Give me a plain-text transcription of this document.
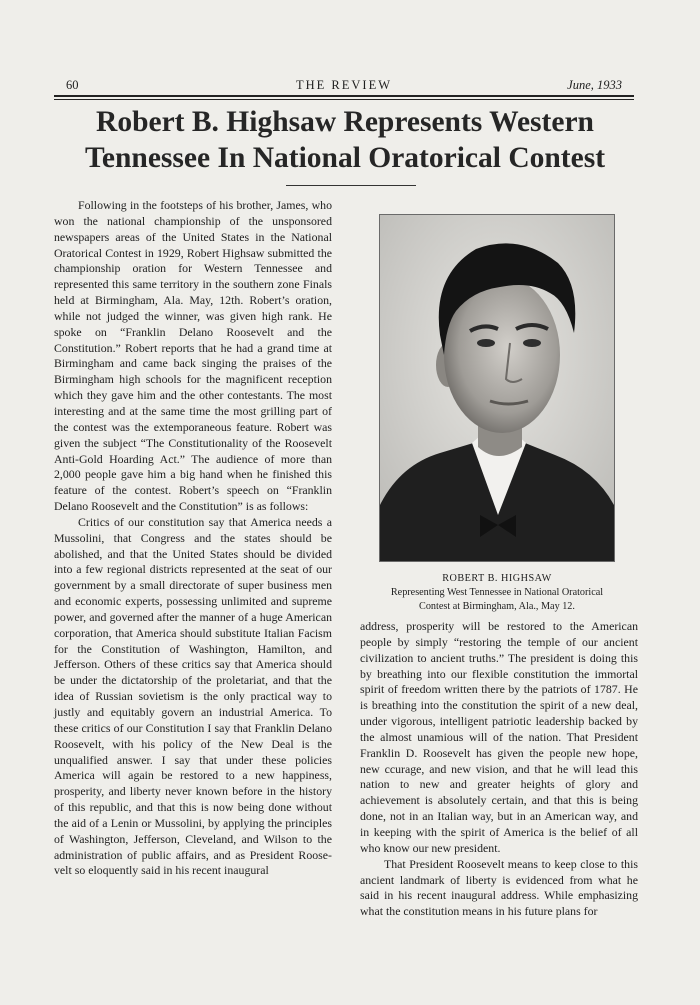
THE REVIEW
60	June, 1933
Robert B. Highsaw Represents Western
Tennessee In National Oratorical Contest

Following in the footsteps of his brother, James, who won the national championship of the unsponsored newspapers areas of the United States in the National Oratorical Contest in 1929, Robert Highsaw submitted the championship oration for Western Tennessee and represented this same territory in the southern zone Finals held at Birmingham, Ala. May, 12th. Robert’s oration, while not judged the winner, was given high rank. He spoke on “Franklin Delano Roosevelt and the Constitution.” Robert reports that he had a grand time at Birmingham and came back singing the praises of the Birmingham high schools for the magnificent reception which they gave him and the other contestants. The most interesting and at the same time the most grilling part of the contest was the extemporaneous feature. Robert was given the subject “The Constitutionality of the Roosevelt Anti-Gold Hoarding Act.” The audience of more than 2,000 people gave him a big hand when he finished this feature of the contest. Robert’s speech on “Franklin Delano Roosevelt and the Constitution” is as follows:

Critics of our constitution say that America needs a Mussolini, that Congress and the states should be abolished, and that the United States should be divided into a few regional districts represented at the seat of our government by a small directorate of super business men and economic experts, possessing unlimited and supreme power, and governed after the manner of a huge American corporation, that America should substitute Italian Facism for the Constitution of Washington, Hamilton, and Jefferson. Others of these critics say that America should be under the dictatorship of the proletariat, and that the idea of Russian sovietism is the only practical way to justly and equitably govern an industrial America. To these critics of our Constitution I say that Franklin Delano Roosevelt, with his policy of the New Deal is the unqualified answer. I say that under these policies America will again be restored to a new happiness, prosperity, and liberty never known before in the history of this republic, and that this is now being done without the aid of a Lenin or Mussolini, by applying the principles of Washington, Jefferson, Cleveland, and Wilson to the administration of public affairs, and as President Roosevelt so eloquently said in his recent inaugural

ROBERT B. HIGHSAW
Representing West Tennessee in National Oratorical
Contest at Birmingham, Ala., May 12.

address, prosperity will be restored to the American people by simply “restoring the temple of our ancient civilization to ancient truths.” The president is doing this by breathing into our flexible constitution the immortal spirit of freedom written there by the patriots of 1787. He is breathing into the constitution the spirit of a new deal, under vigorous, intelligent patriotic leadership backed by the almost unamious will of the nation. That President Franklin D. Roosevelt has given the people new hope, new ccurage, and new vision, and that he will lead this nation to new and greater heights of glory and achievement is absolutely certain, and that this is being done, not in an Italian way, but in an American way, and in keeping with the spirit of America is the belief of all who know our new president.

That President Roosevelt means to keep close to this ancient landmark of liberty is evidenced from what he said in his recent inaugural address. While emphasizing what the constitution means in his future plans for
